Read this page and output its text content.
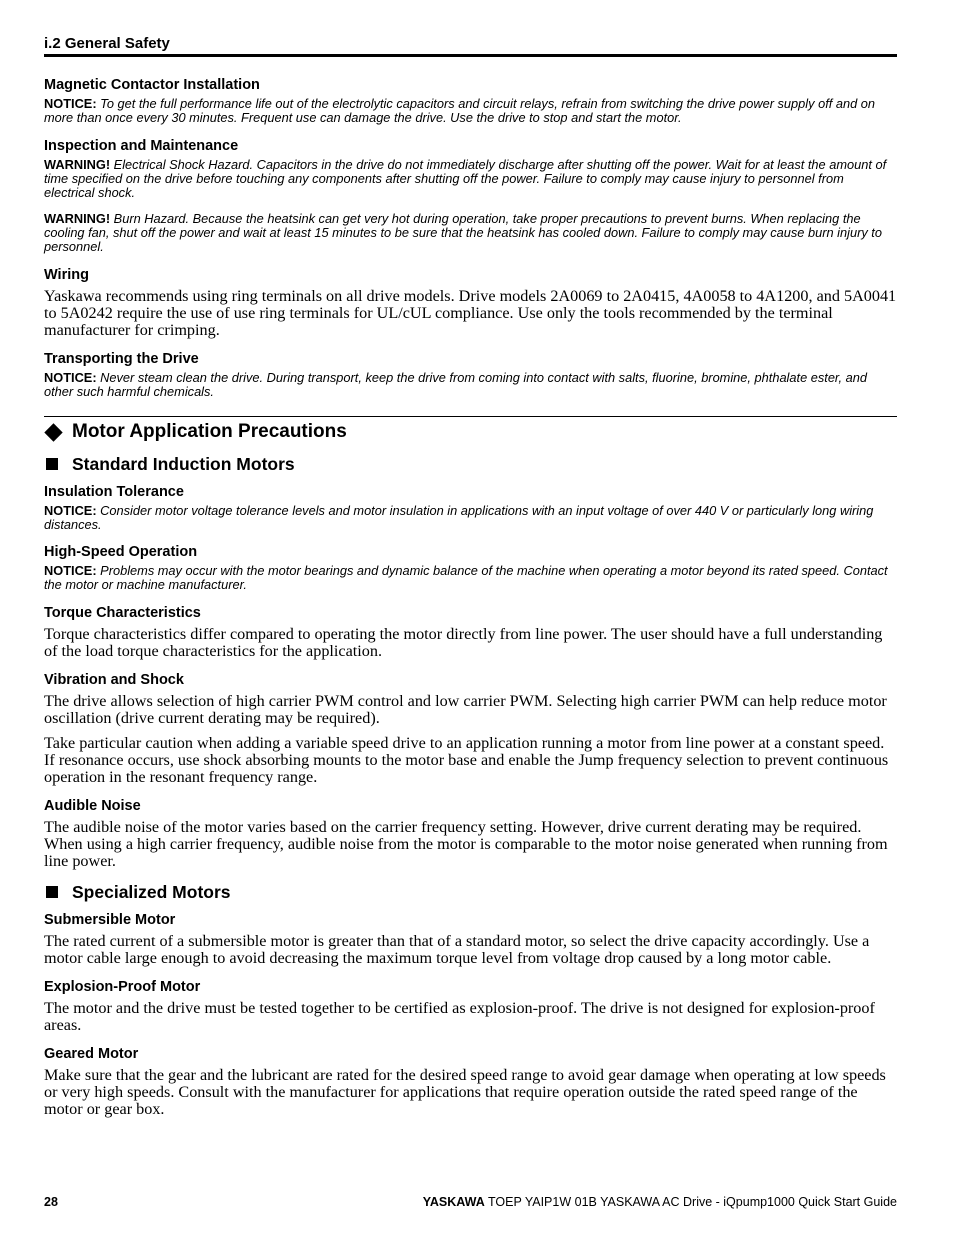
i.2 General Safety
Magnetic Contactor Installation
NOTICE: To get the full performance life out of the electrolytic capacitors and circuit relays, refrain from switching the drive power supply off and on more than once every 30 minutes. Frequent use can damage the drive. Use the drive to stop and start the motor.
Inspection and Maintenance
WARNING! Electrical Shock Hazard. Capacitors in the drive do not immediately discharge after shutting off the power. Wait for at least the amount of time specified on the drive before touching any components after shutting off the power. Failure to comply may cause injury to personnel from electrical shock.
WARNING! Burn Hazard. Because the heatsink can get very hot during operation, take proper precautions to prevent burns. When replacing the cooling fan, shut off the power and wait at least 15 minutes to be sure that the heatsink has cooled down. Failure to comply may cause burn injury to personnel.
Wiring
Yaskawa recommends using ring terminals on all drive models. Drive models 2A0069 to 2A0415, 4A0058 to 4A1200, and 5A0041 to 5A0242 require the use of use ring terminals for UL/cUL compliance. Use only the tools recommended by the terminal manufacturer for crimping.
Transporting the Drive
NOTICE: Never steam clean the drive. During transport, keep the drive from coming into contact with salts, fluorine, bromine, phthalate ester, and other such harmful chemicals.
Motor Application Precautions
Standard Induction Motors
Insulation Tolerance
NOTICE: Consider motor voltage tolerance levels and motor insulation in applications with an input voltage of over 440 V or particularly long wiring distances.
High-Speed Operation
NOTICE: Problems may occur with the motor bearings and dynamic balance of the machine when operating a motor beyond its rated speed. Contact the motor or machine manufacturer.
Torque Characteristics
Torque characteristics differ compared to operating the motor directly from line power. The user should have a full understanding of the load torque characteristics for the application.
Vibration and Shock
The drive allows selection of high carrier PWM control and low carrier PWM. Selecting high carrier PWM can help reduce motor oscillation (drive current derating may be required).
Take particular caution when adding a variable speed drive to an application running a motor from line power at a constant speed. If resonance occurs, use shock absorbing mounts to the motor base and enable the Jump frequency selection to prevent continuous operation in the resonant frequency range.
Audible Noise
The audible noise of the motor varies based on the carrier frequency setting. However, drive current derating may be required. When using a high carrier frequency, audible noise from the motor is comparable to the motor noise generated when running from line power.
Specialized Motors
Submersible Motor
The rated current of a submersible motor is greater than that of a standard motor, so select the drive capacity accordingly. Use a motor cable large enough to avoid decreasing the maximum torque level from voltage drop caused by a long motor cable.
Explosion-Proof Motor
The motor and the drive must be tested together to be certified as explosion-proof. The drive is not designed for explosion-proof areas.
Geared Motor
Make sure that the gear and the lubricant are rated for the desired speed range to avoid gear damage when operating at low speeds or very high speeds. Consult with the manufacturer for applications that require operation outside the rated speed range of the motor or gear box.
28	YASKAWA TOEP YAIP1W 01B YASKAWA AC Drive - iQpump1000 Quick Start Guide
